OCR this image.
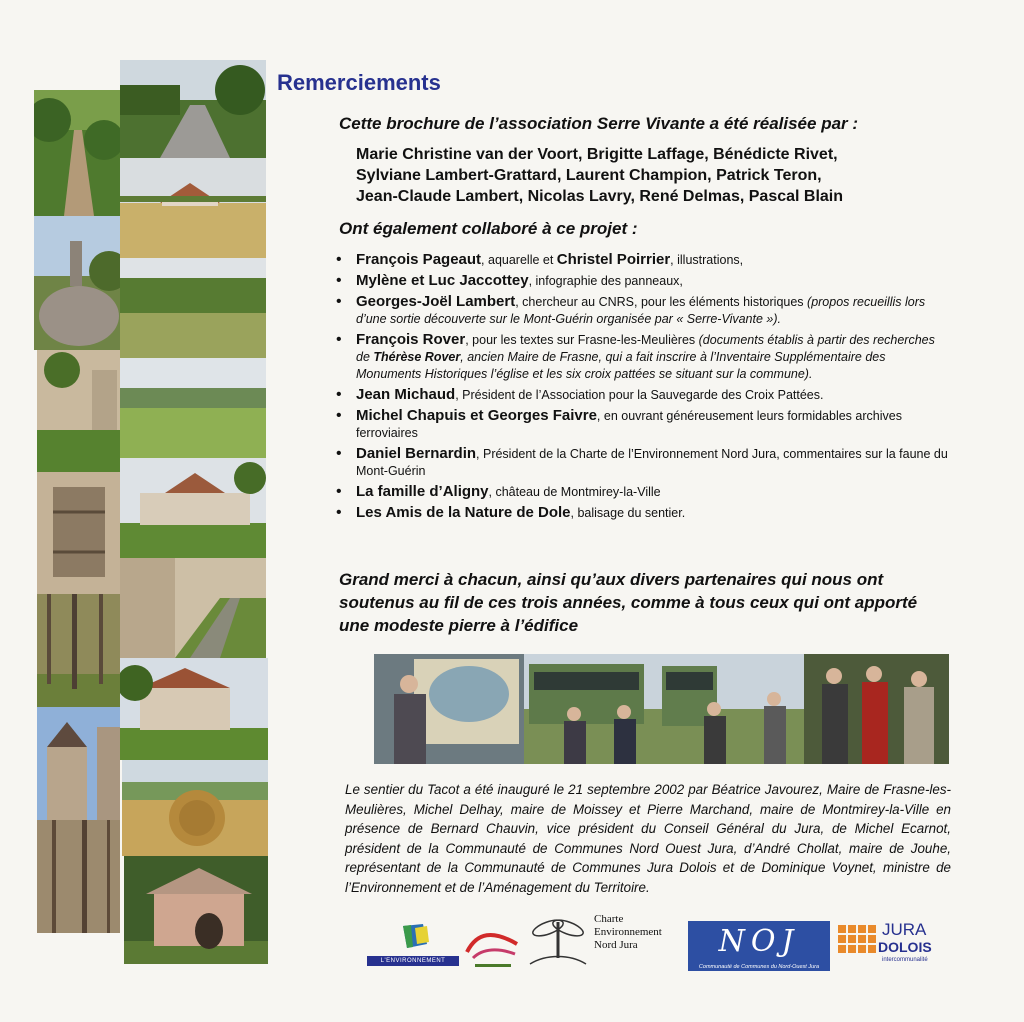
Remerciements
Cette brochure de l’association Serre Vivante a été réalisée par :
Marie Christine van der Voort, Brigitte Laffage, Bénédicte Rivet,
Sylviane Lambert-Grattard, Laurent Champion, Patrick Teron,
Jean-Claude Lambert, Nicolas Lavry, René Delmas, Pascal Blain
Ont également collaboré à ce projet :
• François Pageaut, aquarelle et Christel Poirrier, illustrations,
• Mylène et Luc Jaccottey, infographie des panneaux,
• Georges-Joël Lambert, chercheur au CNRS, pour les éléments historiques (propos recueillis lors d’une sortie découverte sur le Mont-Guérin organisée par « Serre-Vivante »).
• François Rover, pour les textes sur Frasne-les-Meulières (documents établis à partir des recherches de Thérèse Rover, ancien Maire de Frasne, qui a fait inscrire à l’Inventaire Supplémentaire des Monuments Historiques l’église et les six croix pattées se situant sur la commune).
• Jean Michaud, Président de l’Association pour la Sauvegarde des Croix Pattées.
• Michel Chapuis et Georges Faivre, en ouvrant généreusement leurs formidables archives ferroviaires
• Daniel Bernardin, Président de la Charte de l’Environnement Nord Jura, commentaires sur la faune du Mont-Guérin
• La famille d’Aligny, château de Montmirey-la-Ville
• Les Amis de la Nature de Dole, balisage du sentier.
Grand merci à chacun, ainsi qu’aux divers partenaires qui nous ont soutenus au fil de ces trois années, comme à tous ceux qui ont apporté une modeste pierre à l’édifice
Le sentier du Tacot a été inauguré le 21 septembre 2002 par Béatrice Javourez, Maire de Frasne-les-Meulières, Michel Delhay, maire de Moissey et Pierre Marchand, maire de Montmirey-la-Ville en présence de Bernard Chauvin, vice président du Conseil Général du Jura, de Michel Ecarnot, président de la Communauté de Communes Nord Ouest Jura, d’André Chollat, maire de Jouhe, représentant de la Communauté de Communes Jura Dolois et de Dominique Voynet, ministre de l’Environnement et de l’Aménagement du Territoire.
L'ENVIRONNEMENT
Charte
Environnement
Nord Jura	NOJ
Communauté de Communes du Nord-Ouest Jura
JURA
DOLOIS
intercommunalité
